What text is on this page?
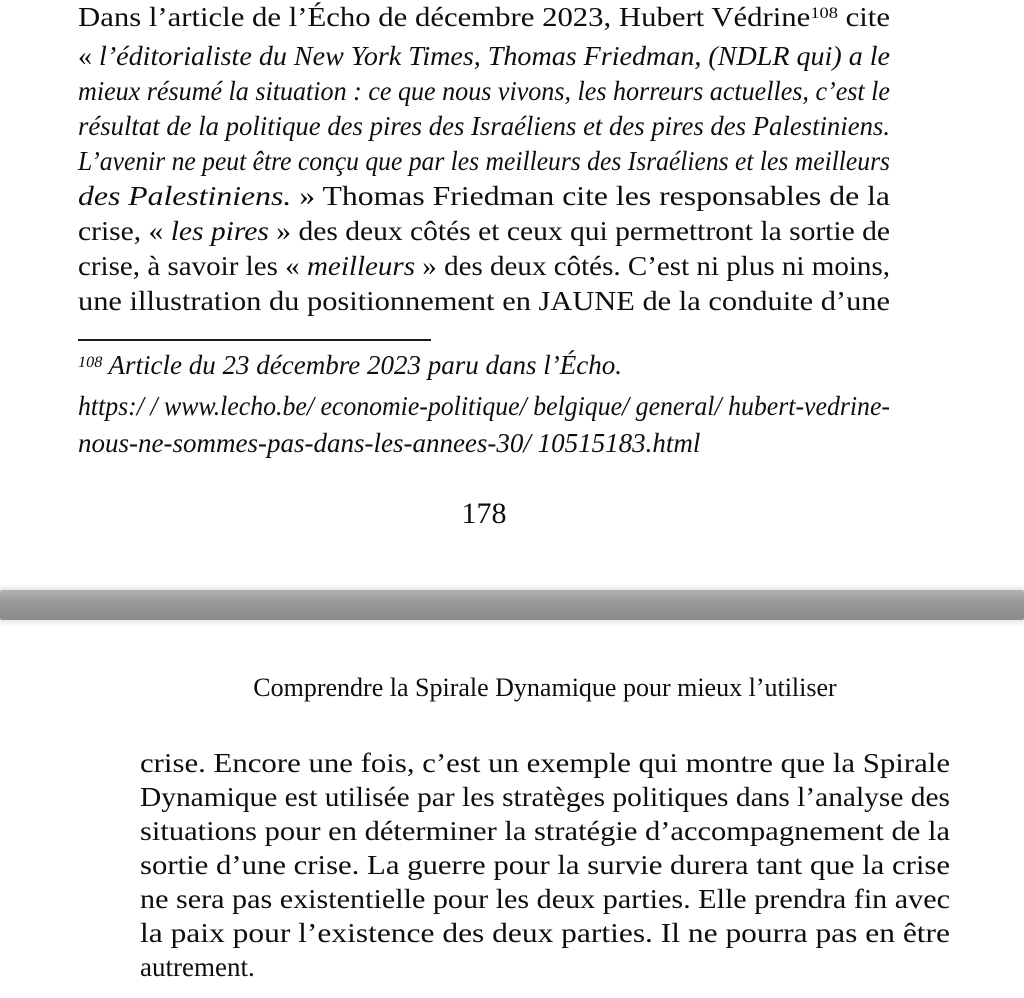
Dans l’article de l’Écho de décembre 2023, Hubert Védrine$^{108}$ cite
« l’éditorialiste du New York Times, Thomas Friedman, (NDLR qui) a le
mieux résumé la situation : ce que nous vivons, les horreurs actuelles, c’est le
résultat de la politique des pires des Israéliens et des pires des Palestiniens.
L’avenir ne peut être conçu que par les meilleurs des Israéliens et les meilleurs
des Palestiniens. » Thomas Friedman cite les responsables de la
crise, « les pires » des deux côtés et ceux qui permettront la sortie de
crise, à savoir les « meilleurs » des deux côtés. C’est ni plus ni moins,
une illustration du positionnement en JAUNE de la conduite d’une
$^{108}$ Article du 23 décembre 2023 paru dans l’Écho.
https:/ / www.lecho.be/ economie-politique/ belgique/ general/ hubert-vedrine-
nous-ne-sommes-pas-dans-les-annees-30/ 10515183.html
178
Comprendre la Spirale Dynamique pour mieux l’utiliser
crise. Encore une fois, c’est un exemple qui montre que la Spirale
Dynamique est utilisée par les stratèges politiques dans l’analyse des
situations pour en déterminer la stratégie d’accompagnement de la
sortie d’une crise. La guerre pour la survie durera tant que la crise
ne sera pas existentielle pour les deux parties. Elle prendra fin avec
la paix pour l’existence des deux parties. Il ne pourra pas en être
autrement.
